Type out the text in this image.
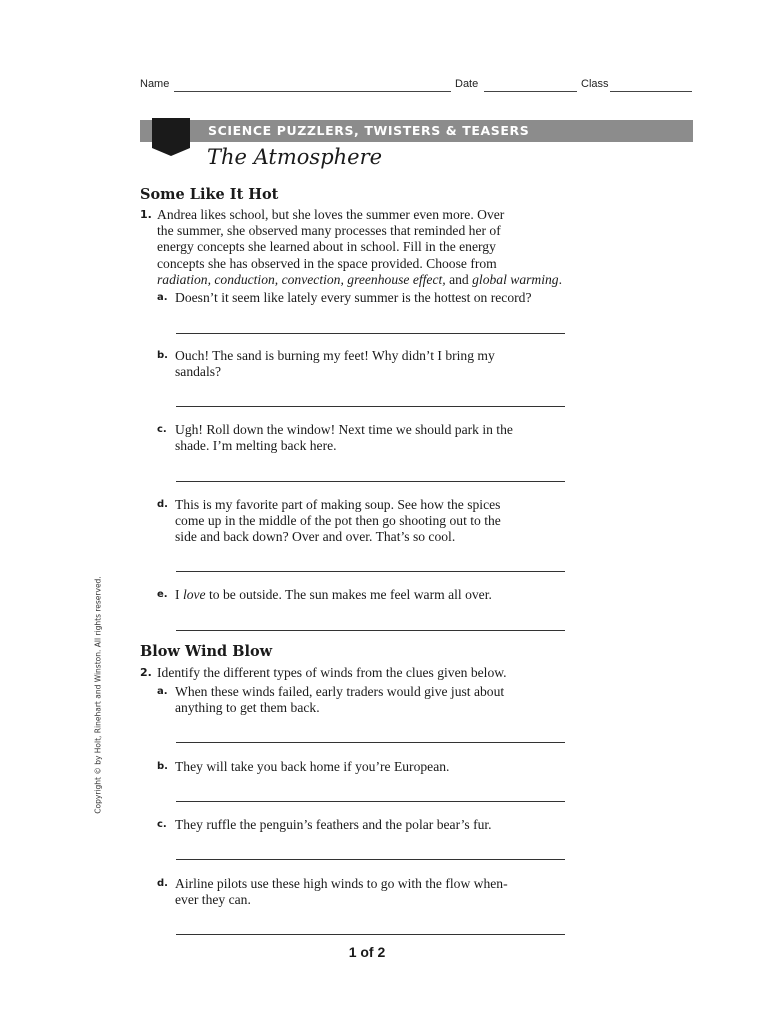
Name	Date	Class
SCIENCE PUZZLERS, TWISTERS & TEASERS
The Atmosphere
Some Like It Hot
1. Andrea likes school, but she loves the summer even more. Over
the summer, she observed many processes that reminded her of
energy concepts she learned about in school. Fill in the energy
concepts she has observed in the space provided. Choose from
radiation, conduction, convection, greenhouse effect, and global warming.
a. Doesn’t it seem like lately every summer is the hottest on record?
b. Ouch! The sand is burning my feet! Why didn’t I bring my
sandals?
c. Ugh! Roll down the window! Next time we should park in the
shade. I’m melting back here.
d. This is my favorite part of making soup. See how the spices
come up in the middle of the pot then go shooting out to the
side and back down? Over and over. That’s so cool.
e. I love to be outside. The sun makes me feel warm all over.
Blow Wind Blow
2. Identify the different types of winds from the clues given below.
a. When these winds failed, early traders would give just about
anything to get them back.
b. They will take you back home if you’re European.
c. They ruffle the penguin’s feathers and the polar bear’s fur.
d. Airline pilots use these high winds to go with the flow when-
ever they can.
1 of 2
Copyright © by Holt, Rinehart and Winston. All rights reserved.
